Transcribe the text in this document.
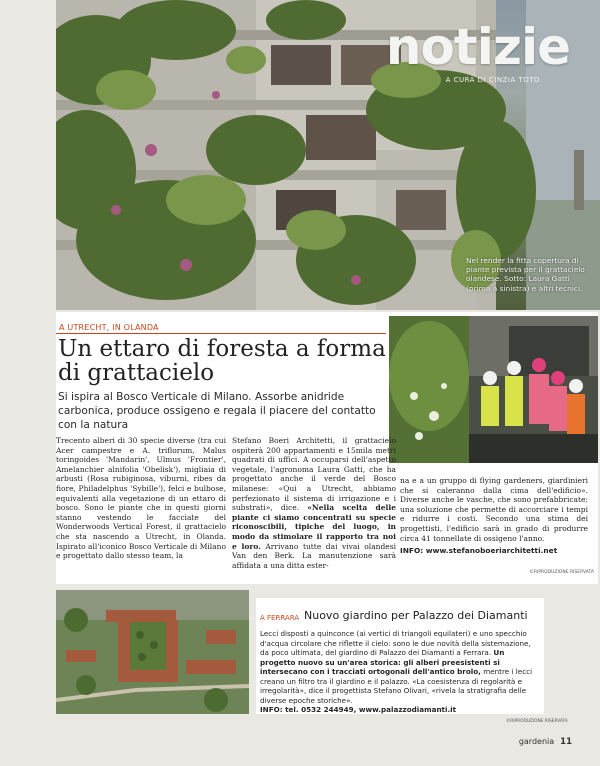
notizie
A CURA DI CINZIA TOTO
Nel render la fitta copertura di piante prevista per il grattacielo olandese. Sotto: Laura Gatti (prima a sinistra) e altri tecnici.
A UTRECHT, IN OLANDA
Un ettaro di foresta a forma di grattacielo
Si ispira al Bosco Verticale di Milano. Assorbe anidride carbonica, produce ossigeno e regala il piacere del contatto con la natura

Trecento alberi di 30 specie diverse (tra cui Acer campestre e A. triflorum, Malus toringoides 'Mandarin', Ulmus 'Frontier', Amelanchier alnifolia 'Obelisk'), migliaia di arbusti (Rosa rubiginosa, viburni, ribes da fiore, Philadelphus 'Sybille'), felci e bulbose, equivalenti alla vegetazione di un ettaro di bosco. Sono le piante che in questi giorni stanno vestendo le facciate del Wonderwoods Vertical Forest, il grattacielo che sta nascendo a Utrecht, in Olanda. Ispirato all'iconico Bosco Verticale di Milano e progettato dallo stesso team, la

Stefano Boeri Architetti, il grattacielo ospiterà 200 appartamenti e 15mila metri quadrati di uffici. A occuparsi dell'aspetto vegetale, l'agronoma Laura Gatti, che ha progettato anche il verde del Bosco milanese: «Qui a Utrecht, abbiamo perfezionato il sistema di irrigazione e i substrati», dice. «Nella scelta delle piante ci siamo concentrati su specie riconoscibili, tipiche del luogo, in modo da stimolare il rapporto tra noi e loro. Arrivano tutte dai vivai olandesi Van den Berk. La manutenzione sarà affidata a una ditta ester-

na e a un gruppo di flying gardeners, giardinieri che si caleranno dalla cima dell'edificio». Diverse anche le vasche, che sono prefabbricate: una soluzione che permette di accorciare i tempi e ridurre i costi. Secondo una stima dei progettisti, l'edificio sarà in grado di produrre circa 41 tonnellate di ossigeno l'anno.

INFO: www.stefanoboeriarchitetti.net

©RIPRODUZIONE RISERVATA
A FERRARA Nuovo giardino per Palazzo dei Diamanti

Lecci disposti a quinconce (ai vertici di triangoli equilateri) e uno specchio d'acqua circolare che riflette il cielo: sono le due novità della sistemazione, da poco ultimata, del giardino di Palazzo dei Diamanti a Ferrara. Un progetto nuovo su un'area storica: gli alberi preesistenti si intersecano con i tracciati ortogonali dell'antico brolo, mentre i lecci creano un filtro tra il giardino e il palazzo. «La coesistenza di regolarità e irregolarità», dice il progettista Stefano Olivari, «rivela la stratigrafia delle diverse epoche storiche».

INFO: tel. 0532 244949, www.palazzodiamanti.it

©RIPRODUZIONE RISERVATA
gardenia 11
